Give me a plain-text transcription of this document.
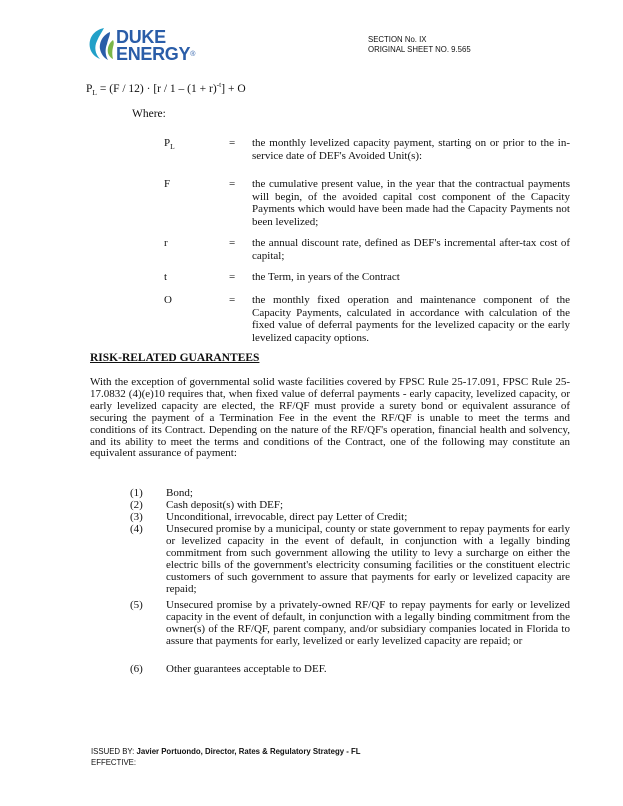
DUKE
ENERGY®
SECTION No. IX
ORIGINAL SHEET NO. 9.565
$P_L = (F / 12) \cdot [r / 1 - (1 + r)^{-t}] + O$
Where:
$P_L$	= the monthly levelized capacity payment, starting on or prior to the in-service date of DEF's Avoided Unit(s):
F	= the cumulative present value, in the year that the contractual payments will begin, of the avoided capital cost component of the Capacity Payments which would have been made had the Capacity Payments not been levelized;
r	= the annual discount rate, defined as DEF's incremental after-tax cost of capital;
t	= the Term, in years of the Contract
O	= the monthly fixed operation and maintenance component of the Capacity Payments, calculated in accordance with calculation of the fixed value of deferral payments for the levelized capacity or the early levelized capacity options.
RISK-RELATED GUARANTEES
With the exception of governmental solid waste facilities covered by FPSC Rule 25-17.091, FPSC Rule 25-17.0832 (4)(e)10 requires that, when fixed value of deferral payments - early capacity, levelized capacity, or early levelized capacity are elected, the RF/QF must provide a surety bond or equivalent assurance of securing the payment of a Termination Fee in the event the RF/QF is unable to meet the terms and conditions of its Contract. Depending on the nature of the RF/QF's operation, financial health and solvency, and its ability to meet the terms and conditions of the Contract, one of the following may constitute an equivalent assurance of payment:
(1) Bond;
(2) Cash deposit(s) with DEF;
(3) Unconditional, irrevocable, direct pay Letter of Credit;
(4) Unsecured promise by a municipal, county or state government to repay payments for early or levelized capacity in the event of default, in conjunction with a legally binding commitment from such government allowing the utility to levy a surcharge on either the electric bills of the government's electricity consuming facilities or the constituent electric customers of such government to assure that payments for early or levelized capacity are repaid;
(5) Unsecured promise by a privately-owned RF/QF to repay payments for early or levelized capacity in the event of default, in conjunction with a legally binding commitment from the owner(s) of the RF/QF, parent company, and/or subsidiary companies located in Florida to assure that payments for early, levelized or early levelized capacity are repaid; or
(6) Other guarantees acceptable to DEF.
ISSUED BY: Javier Portuondo, Director, Rates & Regulatory Strategy - FL
EFFECTIVE:
